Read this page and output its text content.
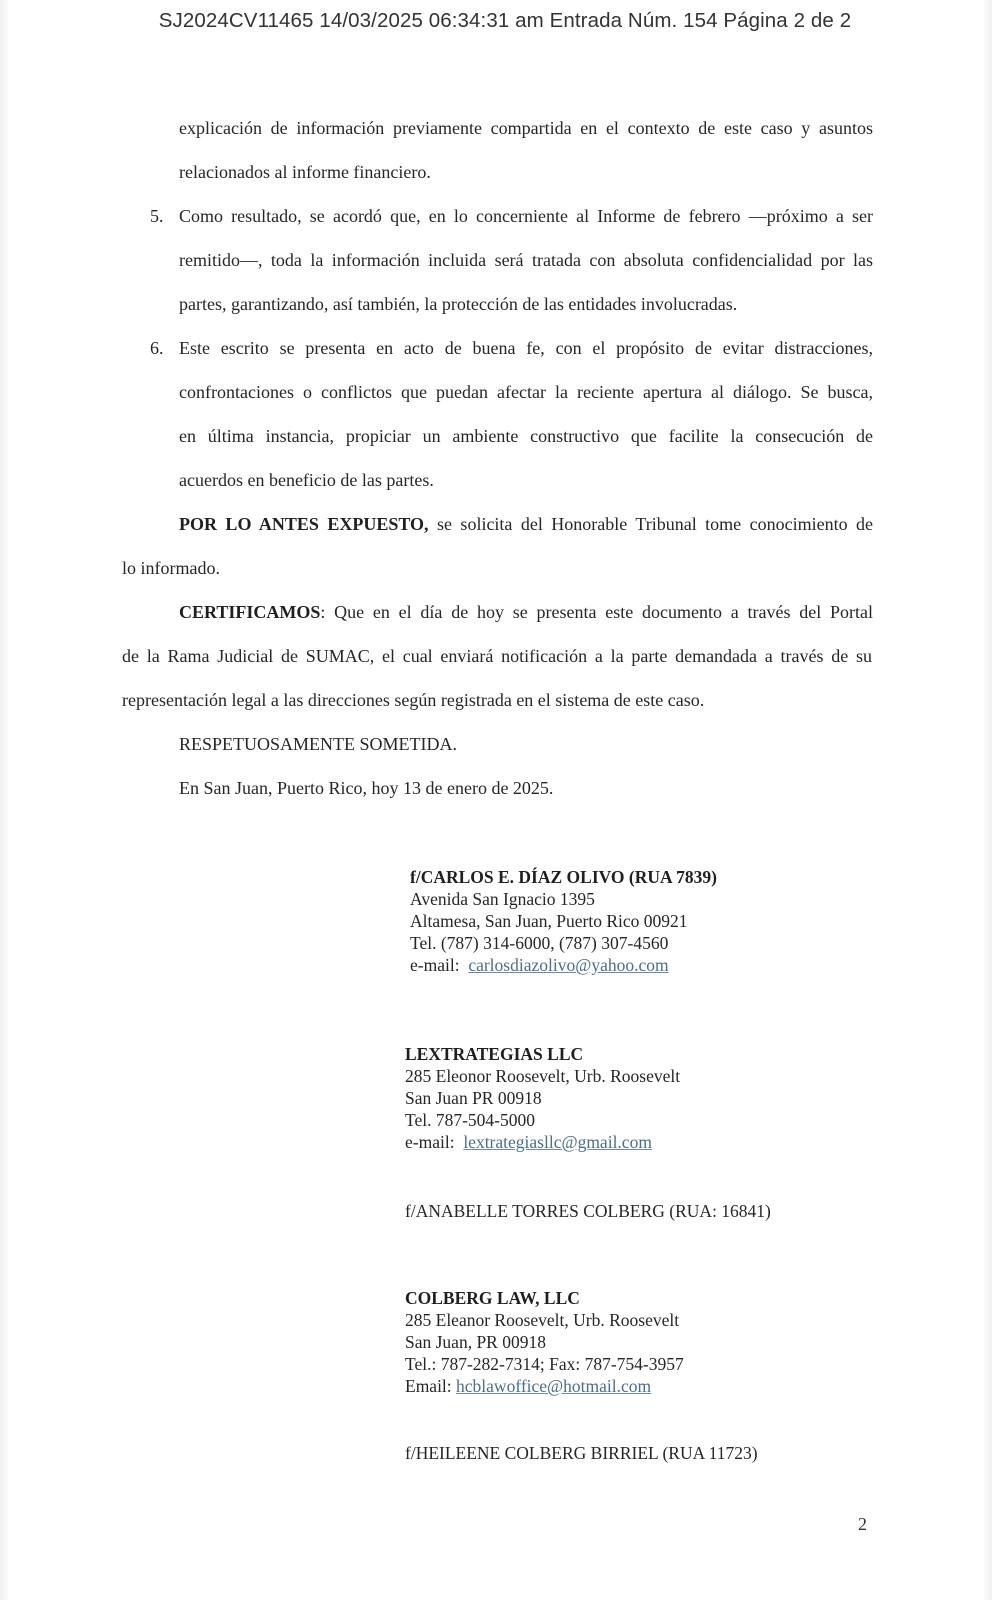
SJ2024CV11465 14/03/2025 06:34:31 am Entrada Núm. 154 Página 2 de 2
explicación de información previamente compartida en el contexto de este caso y asuntos
relacionados al informe financiero.
5. Como resultado, se acordó que, en lo concerniente al Informe de febrero —próximo a ser
remitido—, toda la información incluida será tratada con absoluta confidencialidad por las
partes, garantizando, así también, la protección de las entidades involucradas.
6. Este escrito se presenta en acto de buena fe, con el propósito de evitar distracciones,
confrontaciones o conflictos que puedan afectar la reciente apertura al diálogo. Se busca,
en última instancia, propiciar un ambiente constructivo que facilite la consecución de
acuerdos en beneficio de las partes.
POR LO ANTES EXPUESTO, se solicita del Honorable Tribunal tome conocimiento de
lo informado.
CERTIFICAMOS: Que en el día de hoy se presenta este documento a través del Portal
de la Rama Judicial de SUMAC, el cual enviará notificación a la parte demandada a través de su
representación legal a las direcciones según registrada en el sistema de este caso.
RESPETUOSAMENTE SOMETIDA.
En San Juan, Puerto Rico, hoy 13 de enero de 2025.
f/CARLOS E. DÍAZ OLIVO (RUA 7839)
Avenida San Ignacio 1395
Altamesa, San Juan, Puerto Rico 00921
Tel. (787) 314-6000, (787) 307-4560
e-mail: carlosdiazolivo@yahoo.com
LEXTRATEGIAS LLC
285 Eleonor Roosevelt, Urb. Roosevelt
San Juan PR 00918
Tel. 787-504-5000
e-mail: lextrategiasllc@gmail.com
f/ANABELLE TORRES COLBERG (RUA: 16841)
COLBERG LAW, LLC
285 Eleanor Roosevelt, Urb. Roosevelt
San Juan, PR 00918
Tel.: 787-282-7314; Fax: 787-754-3957
Email: hcblawoffice@hotmail.com
f/HEILEENE COLBERG BIRRIEL (RUA 11723)
2
